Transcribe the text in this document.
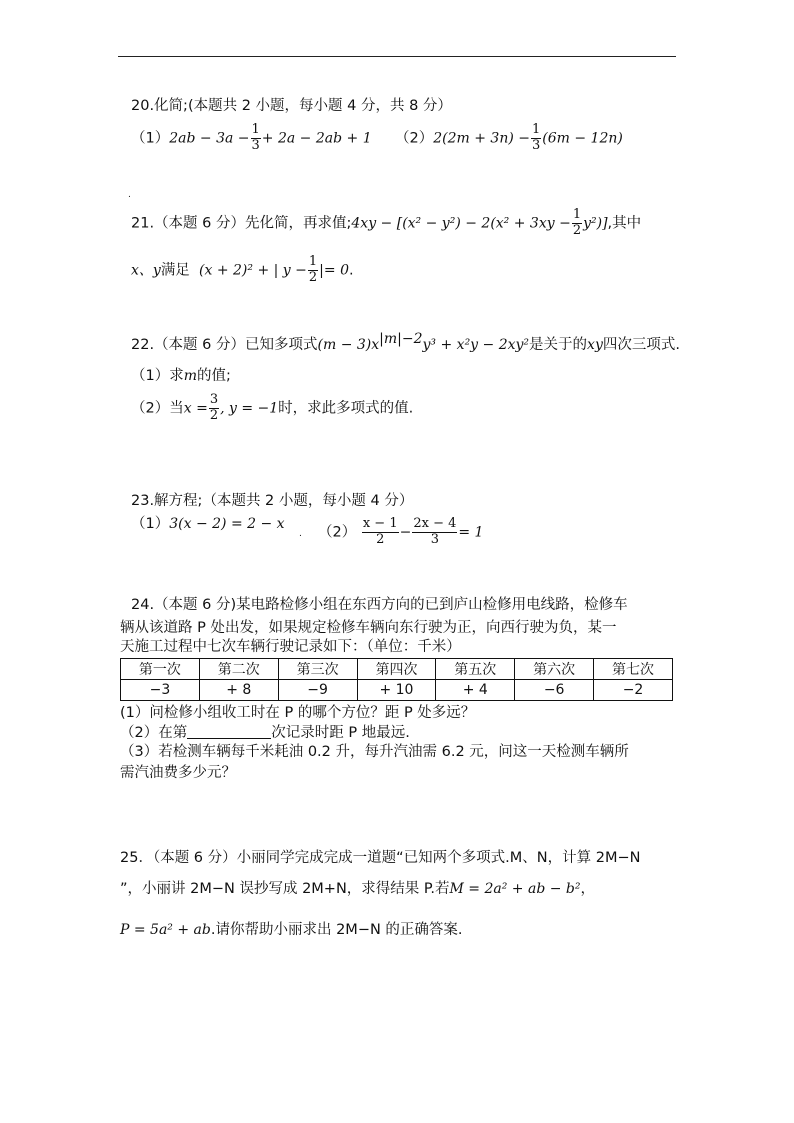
20.化简;(本题共 2 小题，每小题 4 分，共 8 分）
$(1)2ab - 3a - \frac{1}{3} + 2a - 2ab + 1$ $(2)2(2m + 3n) - \frac{1}{3} (6m - 12n)$
.
21.（本题 6 分）先化简，再求值;4xy − $[(x^2 - y^2) - 2(x^2 + 3xy - \frac{1}{2} y^2)]$,其中
x、y满足 (x + 2)² + | $y - \frac{1}{2}$ |= 0.
22.（本题 6 分）已知多项式$(m - 3)x^{|m|-2}y^3 + x^2y - 2xy^2$是关于的xy四次三项式.
（1）求m的值;
（2）当$x = \frac{3}{2}$ , y = −1时，求此多项式的值.
23.解方程;（本题共 2 小题，每小题 4 分）
（1）3(x − 2) = 2 − x
. $(2) \frac{x - 1}{2} - \frac{2x - 4}{3} = 1$
24.（本题 6 分)某电路检修小组在东西方向的已到庐山检修用电线路，检修车
辆从该道路 P 处出发，如果规定检修车辆向东行驶为正，向西行驶为负，某一
天施工过程中七次车辆行驶记录如下：（单位：千米）
第一次	第二次	第三次	第四次	第五次	第六次	第七次
−3	+ 8	−9	+ 10	+ 4	−6	−2
(1）问检修小组收工时在 P 的哪个方位？距 P 处多远？
（2）在第	次记录时距 P 地最远.
（3）若检测车辆每千米耗油 0.2 升，每升汽油需 6.2 元，问这一天检测车辆所
需汽油费多少元？
25．（本题 6 分）小丽同学完成完成一道题“已知两个多项式.M、N，计算 2M−N
”，小丽讲 2M−N 误抄写成 2M+N，求得结果 P.若M = 2a² + ab − b²，
P = 5a² + ab.请你帮助小丽求出 2M−N 的正确答案.
